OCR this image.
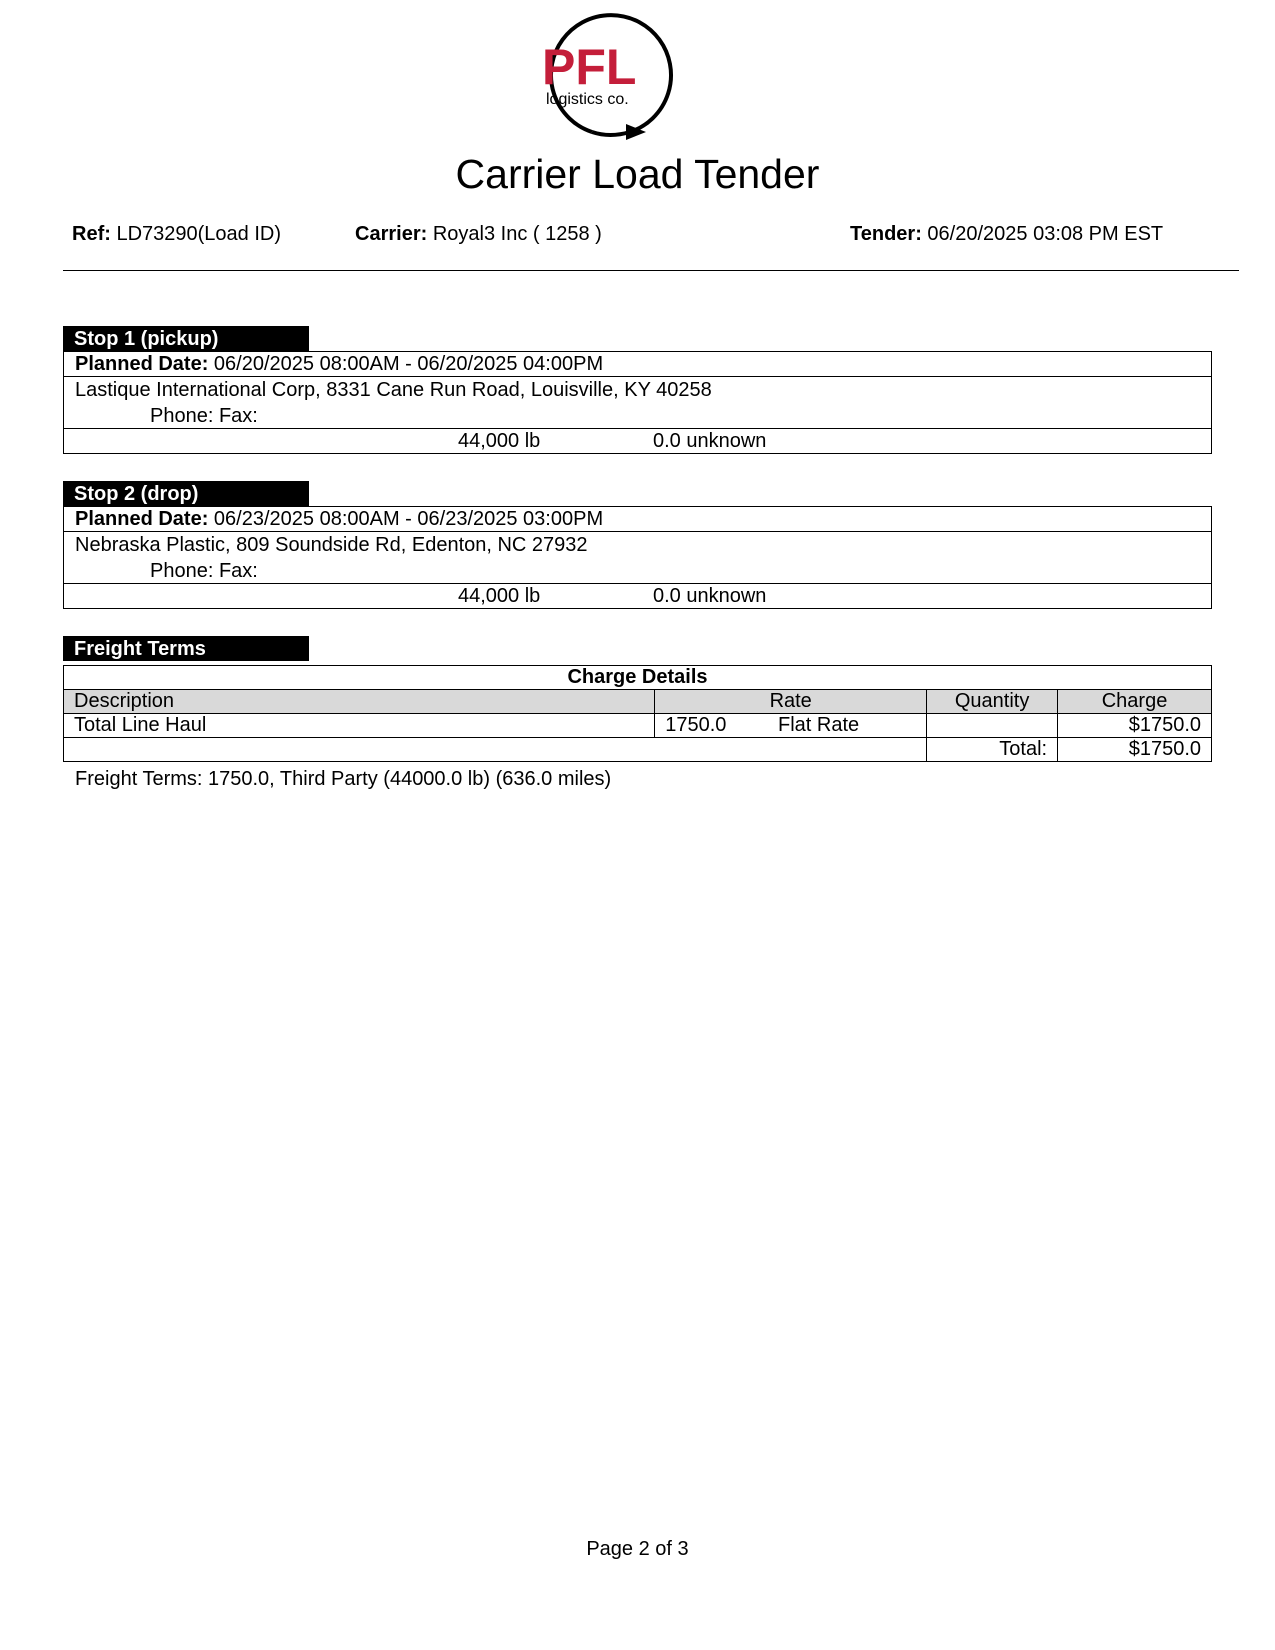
PFL
logistics co.
Carrier Load Tender
Ref: LD73290(Load ID)	Carrier: Royal3 Inc ( 1258 )	Tender: 06/20/2025 03:08 PM EST
Stop 1 (pickup)
Planned Date: 06/20/2025 08:00AM - 06/20/2025 04:00PM
Lastique International Corp, 8331 Cane Run Road, Louisville, KY 40258
Phone: Fax:
44,000 lb	0.0 unknown
Stop 2 (drop)
Planned Date: 06/23/2025 08:00AM - 06/23/2025 03:00PM
Nebraska Plastic, 809 Soundside Rd, Edenton, NC 27932
Phone: Fax:
44,000 lb	0.0 unknown
Freight Terms
Charge Details			
Description	Rate	Quantity	Charge
Total Line Haul	1750.0 Flat Rate		$1750.0
		Total:	$1750.0
Freight Terms: 1750.0, Third Party (44000.0 lb) (636.0 miles)
Page 2 of 3
